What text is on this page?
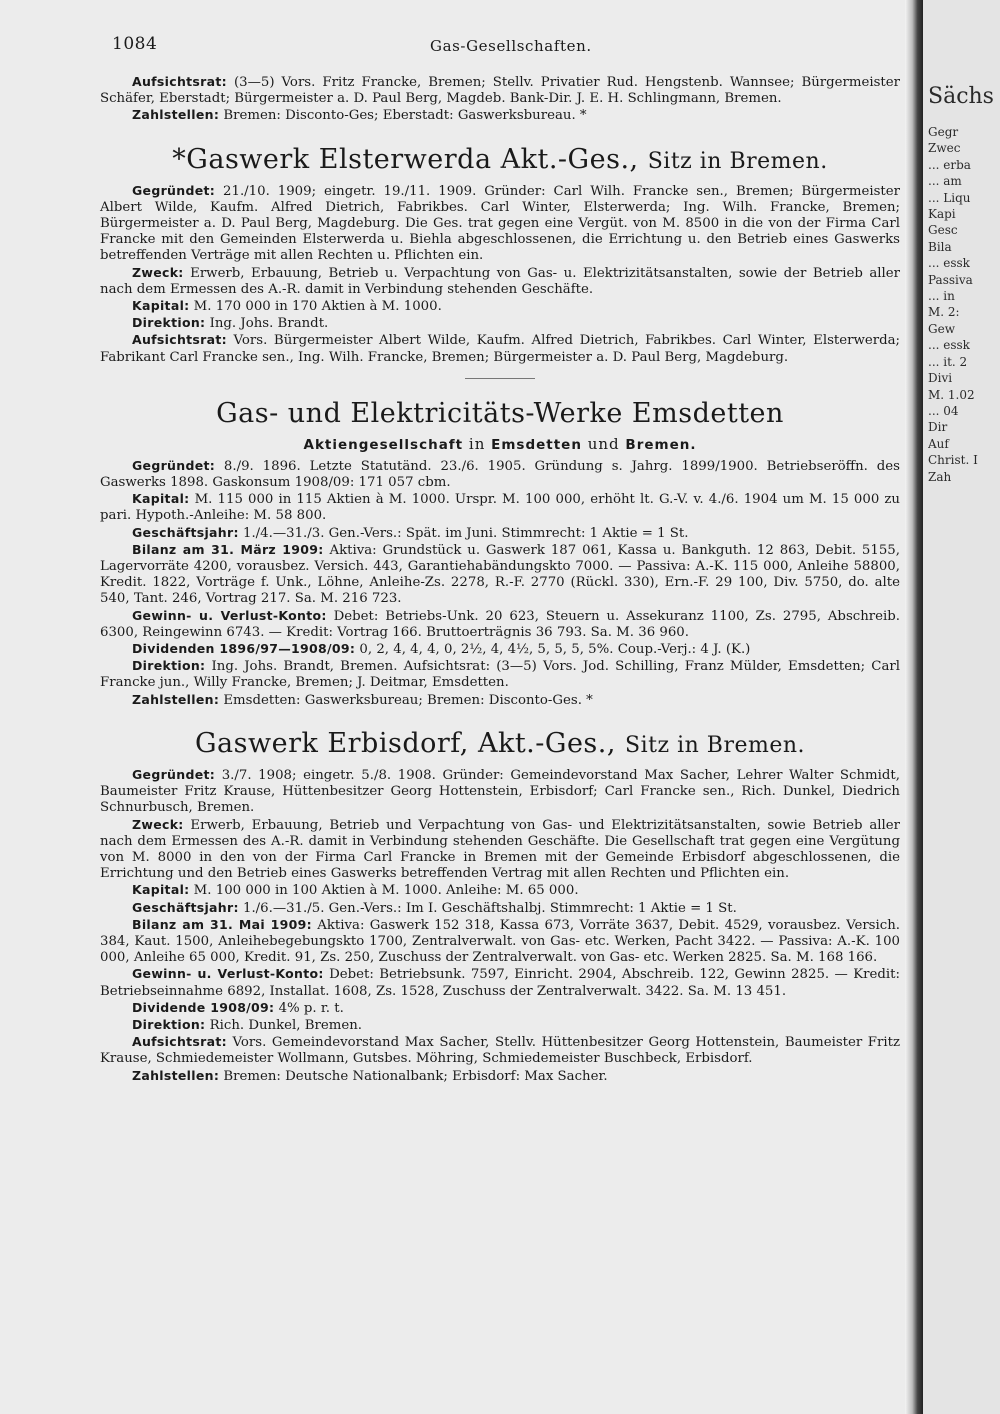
1084	Gas-Gesellschaften.

Aufsichtsrat: (3—5) Vors. Fritz Francke, Bremen; Stellv. Privatier Rud. Hengstenb. Wannsee; Bürgermeister Schäfer, Eberstadt; Bürgermeister a. D. Paul Berg, Magdeb. Bank-Dir. J. E. H. Schlingmann, Bremen.

Zahlstellen: Bremen: Disconto-Ges; Eberstadt: Gaswerksbureau. *

*Gaswerk Elsterwerda Akt.-Ges., Sitz in Bremen.

Gegründet: 21./10. 1909; eingetr. 19./11. 1909. Gründer: Carl Wilh. Francke sen., Bremen; Bürgermeister Albert Wilde, Kaufm. Alfred Dietrich, Fabrikbes. Carl Winter, Elsterwerda; Ing. Wilh. Francke, Bremen; Bürgermeister a. D. Paul Berg, Magdeburg. Die Ges. trat gegen eine Vergüt. von M. 8500 in die von der Firma Carl Francke mit den Gemeinden Elsterwerda u. Biehla abgeschlossenen, die Errichtung u. den Betrieb eines Gaswerks betreffenden Verträge mit allen Rechten u. Pflichten ein.

Zweck: Erwerb, Erbauung, Betrieb u. Verpachtung von Gas- u. Elektrizitätsanstalten, sowie der Betrieb aller nach dem Ermessen des A.-R. damit in Verbindung stehenden Geschäfte.

Kapital: M. 170 000 in 170 Aktien à M. 1000.

Direktion: Ing. Johs. Brandt.

Aufsichtsrat: Vors. Bürgermeister Albert Wilde, Kaufm. Alfred Dietrich, Fabrikbes. Carl Winter, Elsterwerda; Fabrikant Carl Francke sen., Ing. Wilh. Francke, Bremen; Bürgermeister a. D. Paul Berg, Magdeburg.

Gas- und Elektricitäts-Werke Emsdetten
Aktiengesellschaft in Emsdetten und Bremen.

Gegründet: 8./9. 1896. Letzte Statutänd. 23./6. 1905. Gründung s. Jahrg. 1899/1900. Betriebseröffn. des Gaswerks 1898. Gaskonsum 1908/09: 171 057 cbm.

Kapital: M. 115 000 in 115 Aktien à M. 1000. Urspr. M. 100 000, erhöht lt. G.-V. v. 4./6. 1904 um M. 15 000 zu pari. Hypoth.-Anleihe: M. 58 800.

Geschäftsjahr: 1./4.—31./3. Gen.-Vers.: Spät. im Juni. Stimmrecht: 1 Aktie = 1 St.

Bilanz am 31. März 1909: Aktiva: Grundstück u. Gaswerk 187 061, Kassa u. Bankguth. 12 863, Debit. 5155, Lagervorräte 4200, vorausbez. Versich. 443, Garantiehabändungskto 7000. — Passiva: A.-K. 115 000, Anleihe 58800, Kredit. 1822, Vorträge f. Unk., Löhne, Anleihe-Zs. 2278, R.-F. 2770 (Rückl. 330), Ern.-F. 29 100, Div. 5750, do. alte 540, Tant. 246, Vortrag 217. Sa. M. 216 723.

Gewinn- u. Verlust-Konto: Debet: Betriebs-Unk. 20 623, Steuern u. Assekuranz 1100, Zs. 2795, Abschreib. 6300, Reingewinn 6743. — Kredit: Vortrag 166. Bruttoerträgnis 36 793. Sa. M. 36 960.

Dividenden 1896/97—1908/09: 0, 2, 4, 4, 4, 0, 2½, 4, 4½, 5, 5, 5, 5%. Coup.-Verj.: 4 J. (K.)

Direktion: Ing. Johs. Brandt, Bremen. Aufsichtsrat: (3—5) Vors. Jod. Schilling, Franz Mülder, Emsdetten; Carl Francke jun., Willy Francke, Bremen; J. Deitmar, Emsdetten.

Zahlstellen: Emsdetten: Gaswerksbureau; Bremen: Disconto-Ges. *

Gaswerk Erbisdorf, Akt.-Ges., Sitz in Bremen.

Gegründet: 3./7. 1908; eingetr. 5./8. 1908. Gründer: Gemeindevorstand Max Sacher, Lehrer Walter Schmidt, Baumeister Fritz Krause, Hüttenbesitzer Georg Hottenstein, Erbisdorf; Carl Francke sen., Rich. Dunkel, Diedrich Schnurbusch, Bremen.

Zweck: Erwerb, Erbauung, Betrieb und Verpachtung von Gas- und Elektrizitätsanstalten, sowie Betrieb aller nach dem Ermessen des A.-R. damit in Verbindung stehenden Geschäfte. Die Gesellschaft trat gegen eine Vergütung von M. 8000 in den von der Firma Carl Francke in Bremen mit der Gemeinde Erbisdorf abgeschlossenen, die Errichtung und den Betrieb eines Gaswerks betreffenden Vertrag mit allen Rechten und Pflichten ein.

Kapital: M. 100 000 in 100 Aktien à M. 1000. Anleihe: M. 65 000.

Geschäftsjahr: 1./6.—31./5. Gen.-Vers.: Im I. Geschäftshalbj. Stimmrecht: 1 Aktie = 1 St.

Bilanz am 31. Mai 1909: Aktiva: Gaswerk 152 318, Kassa 673, Vorräte 3637, Debit. 4529, vorausbez. Versich. 384, Kaut. 1500, Anleihebegebungskto 1700, Zentralverwalt. von Gas- etc. Werken, Pacht 3422. — Passiva: A.-K. 100 000, Anleihe 65 000, Kredit. 91, Zs. 250, Zuschuss der Zentralverwalt. von Gas- etc. Werken 2825. Sa. M. 168 166.

Gewinn- u. Verlust-Konto: Debet: Betriebsunk. 7597, Einricht. 2904, Abschreib. 122, Gewinn 2825. — Kredit: Betriebseinnahme 6892, Installat. 1608, Zs. 1528, Zuschuss der Zentralverwalt. 3422. Sa. M. 13 451.

Dividende 1908/09: 4% p. r. t.

Direktion: Rich. Dunkel, Bremen.

Aufsichtsrat: Vors. Gemeindevorstand Max Sacher, Stellv. Hüttenbesitzer Georg Hottenstein, Baumeister Fritz Krause, Schmiedemeister Wollmann, Gutsbes. Möhring, Schmiedemeister Buschbeck, Erbisdorf.

Zahlstellen: Bremen: Deutsche Nationalbank; Erbisdorf: Max Sacher.

Sächs
Gegr
Zwec
... erba
... am
... Liqu
Kapi
Gesc
Bila
... essk
Passiva
... in
M. 2:
Gew
... essk
... it. 2
Divi
M. 1.02
... 04
Dir
Auf
Christ. I
Zah
